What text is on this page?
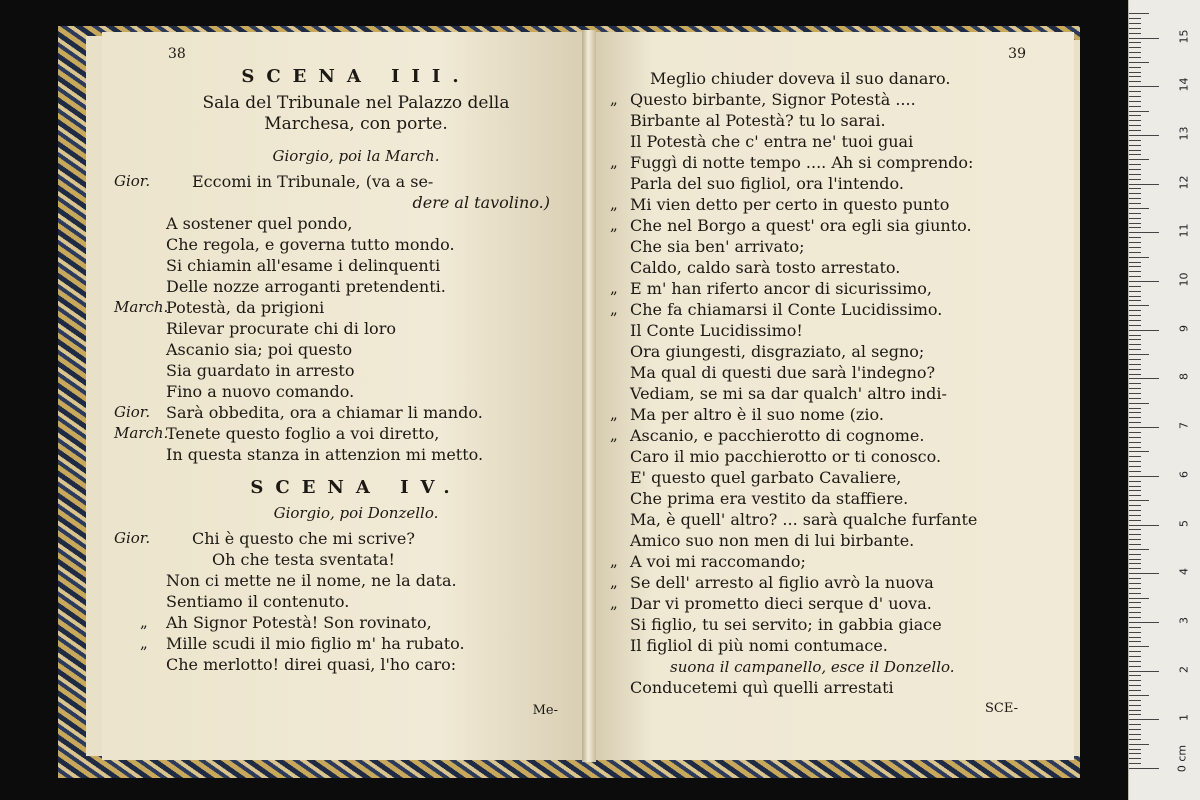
38
SCENA III.
Sala del Tribunale nel Palazzo della
Marchesa, con porte.
Giorgio, poi la March.
Gior.	Eccomi in Tribunale, (va a se-
dere al tavolino.)
A sostener quel pondo,
Che regola, e governa tutto mondo.
Si chiamin all'esame i delinquenti
Delle nozze arroganti pretendenti.
March.
Potestà, da prigioni
Rilevar procurate chi di loro
Ascanio sia; poi questo
Sia guardato in arresto
Fino a nuovo comando.
Gior. Sarà obbedita, ora a chiamar li mando.
March.
Tenete questo foglio a voi diretto,
In questa stanza in attenzion mi metto.
SCENA IV.
Giorgio, poi Donzello.
Gior.	Chi è questo che mi scrive?
Oh che testa sventata!
Non ci mette ne il nome, ne la data.
Sentiamo il contenuto.
„ Ah Signor Potestà! Son rovinato,
„ Mille scudi il mio figlio m' ha rubato.
Che merlotto! direi quasi, l'ho caro:
Me-
39
Meglio chiuder doveva il suo danaro.
„ Questo birbante, Signor Potestà ....
Birbante al Potestà? tu lo sarai.
Il Potestà che c' entra ne' tuoi guai
„ Fuggì di notte tempo .... Ah si comprendo:
Parla del suo figliol, ora l'intendo.
„ Mi vien detto per certo in questo punto
„ Che nel Borgo a quest' ora egli sia giunto.
Che sia ben' arrivato;
Caldo, caldo sarà tosto arrestato.
„ E m' han riferto ancor di sicurissimo,
„ Che fa chiamarsi il Conte Lucidissimo.
Il Conte Lucidissimo!
Ora giungesti, disgraziato, al segno;
Ma qual di questi due sarà l'indegno?
Vediam, se mi sa dar qualch' altro indi-
„ Ma per altro è il suo nome (zio.
„ Ascanio, e pacchierotto di cognome.
Caro il mio pacchierotto or ti conosco.
E' questo quel garbato Cavaliere,
Che prima era vestito da staffiere.
Ma, è quell' altro? ... sarà qualche furfante
Amico suo non men di lui birbante.
„ A voi mi raccomando;
„ Se dell' arresto al figlio avrò la nuova
„ Dar vi prometto dieci serque d' uova.
Si figlio, tu sei servito; in gabbia giace
Il figliol di più nomi contumace.
suona il campanello, esce il Donzello.
Conducetemi quì quelli arrestati
SCE-
0 cm
1
2
3
4
5
6
7
8
9
10
11
12
13
14
15
